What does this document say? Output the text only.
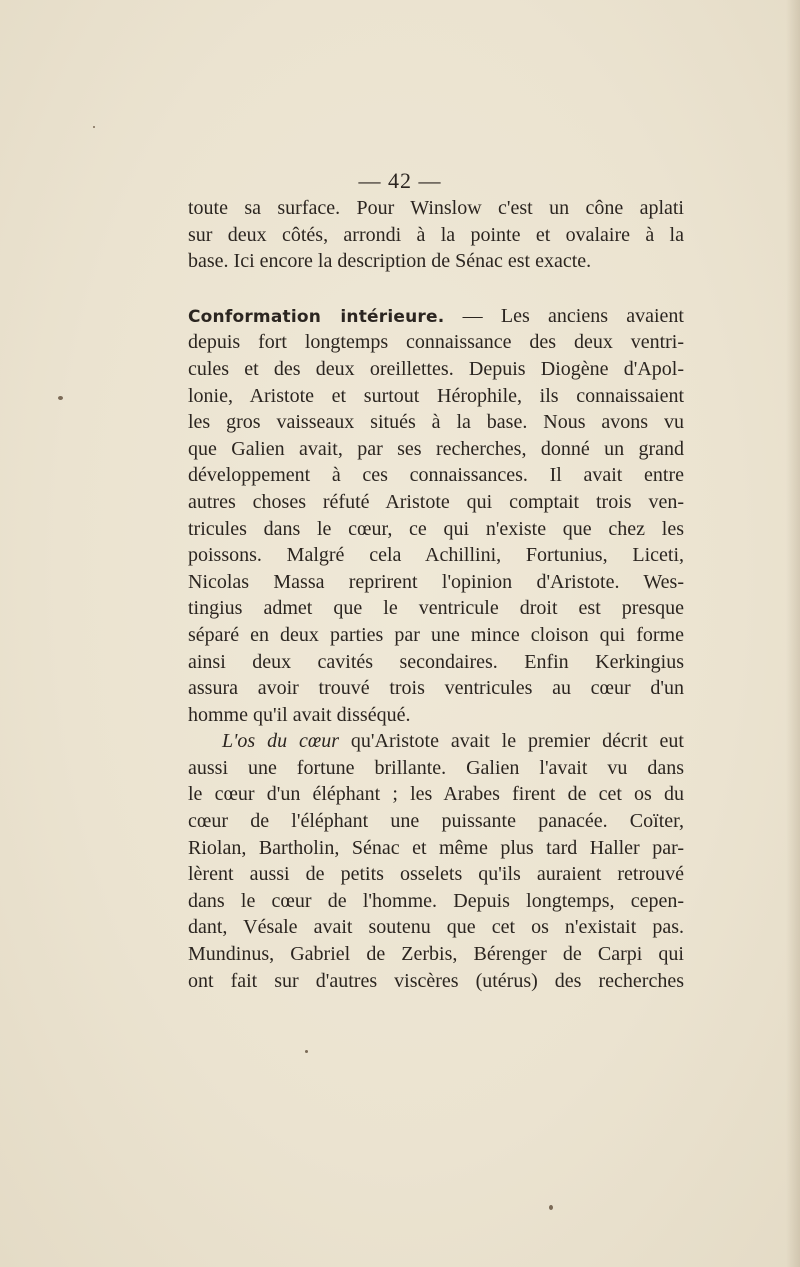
— 42 —
toute sa surface. Pour Winslow c'est un cône aplati
sur deux côtés, arrondi à la pointe et ovalaire à la
base. Ici encore la description de Sénac est exacte.
Conformation intérieure. — Les anciens avaient
depuis fort longtemps connaissance des deux ventri-
cules et des deux oreillettes. Depuis Diogène d'Apol-
lonie, Aristote et surtout Hérophile, ils connaissaient
les gros vaisseaux situés à la base. Nous avons vu
que Galien avait, par ses recherches, donné un grand
développement à ces connaissances. Il avait entre
autres choses réfuté Aristote qui comptait trois ven-
tricules dans le cœur, ce qui n'existe que chez les
poissons. Malgré cela Achillini, Fortunius, Liceti,
Nicolas Massa reprirent l'opinion d'Aristote. Wes-
tingius admet que le ventricule droit est presque
séparé en deux parties par une mince cloison qui forme
ainsi deux cavités secondaires. Enfin Kerkingius
assura avoir trouvé trois ventricules au cœur d'un
homme qu'il avait disséqué.
L'os du cœur qu'Aristote avait le premier décrit eut
aussi une fortune brillante. Galien l'avait vu dans
le cœur d'un éléphant ; les Arabes firent de cet os du
cœur de l'éléphant une puissante panacée. Coïter,
Riolan, Bartholin, Sénac et même plus tard Haller par-
lèrent aussi de petits osselets qu'ils auraient retrouvé
dans le cœur de l'homme. Depuis longtemps, cepen-
dant, Vésale avait soutenu que cet os n'existait pas.
Mundinus, Gabriel de Zerbis, Bérenger de Carpi qui
ont fait sur d'autres viscères (utérus) des recherches
